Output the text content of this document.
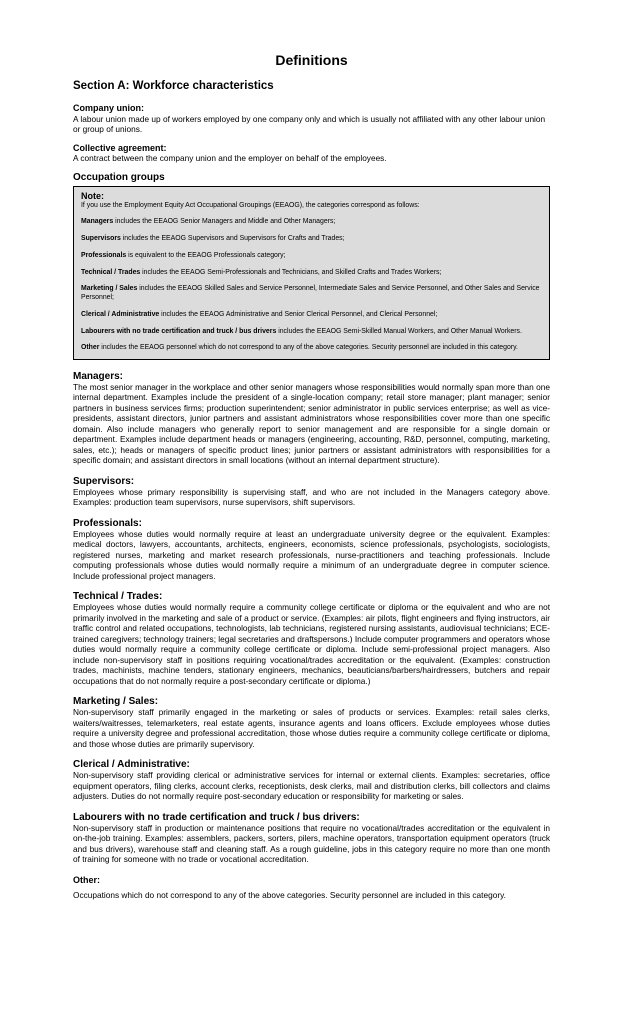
Definitions
Section A: Workforce characteristics
Company union:

A labour union made up of workers employed by one company only and which is usually not affiliated with any other labour union or group of unions.

Collective agreement:

A contract between the company union and the employer on behalf of the employees.

Occupation groups
Note:

If you use the Employment Equity Act Occupational Groupings (EEAOG), the categories correspond as follows:

Managers includes the EEAOG Senior Managers and Middle and Other Managers;

Supervisors includes the EEAOG Supervisors and Supervisors for Crafts and Trades;

Professionals is equivalent to the EEAOG Professionals category;

Technical / Trades includes the EEAOG Semi-Professionals and Technicians, and Skilled Crafts and Trades Workers;

Marketing / Sales includes the EEAOG Skilled Sales and Service Personnel, Intermediate Sales and Service Personnel, and Other Sales and Service Personnel;

Clerical / Administrative includes the EEAOG Administrative and Senior Clerical Personnel, and Clerical Personnel;

Labourers with no trade certification and truck / bus drivers includes the EEAOG Semi-Skilled Manual Workers, and Other Manual Workers.

Other includes the EEAOG personnel which do not correspond to any of the above categories. Security personnel are included in this category.

Managers:

The most senior manager in the workplace and other senior managers whose responsibilities would normally span more than one internal department. Examples include the president of a single-location company; retail store manager; plant manager; senior partners in business services firms; production superintendent; senior administrator in public services enterprise; as well as vice-presidents, assistant directors, junior partners and assistant administrators whose responsibilities cover more than one specific domain. Also include managers who generally report to senior management and are responsible for a single domain or department. Examples include department heads or managers (engineering, accounting, R&D, personnel, computing, marketing, sales, etc.); heads or managers of specific product lines; junior partners or assistant administrators with responsibilities for a specific domain; and assistant directors in small locations (without an internal department structure).

Supervisors:

Employees whose primary responsibility is supervising staff, and who are not included in the Managers category above. Examples: production team supervisors, nurse supervisors, shift supervisors.

Professionals:

Employees whose duties would normally require at least an undergraduate university degree or the equivalent. Examples: medical doctors, lawyers, accountants, architects, engineers, economists, science professionals, psychologists, sociologists, registered nurses, marketing and market research professionals, nurse-practitioners and teaching professionals. Include computing professionals whose duties would normally require a minimum of an undergraduate degree in computer science. Include professional project managers.

Technical / Trades:

Employees whose duties would normally require a community college certificate or diploma or the equivalent and who are not primarily involved in the marketing and sale of a product or service. (Examples: air pilots, flight engineers and flying instructors, air traffic control and related occupations, technologists, lab technicians, registered nursing assistants, audiovisual technicians; ECE-trained caregivers; technology trainers; legal secretaries and draftspersons.) Include computer programmers and operators whose duties would normally require a community college certificate or diploma. Include semi-professional project managers. Also include non-supervisory staff in positions requiring vocational/trades accreditation or the equivalent. (Examples: construction trades, machinists, machine tenders, stationary engineers, mechanics, beauticians/barbers/hairdressers, butchers and repair occupations that do not normally require a post-secondary certificate or diploma.)

Marketing / Sales:

Non-supervisory staff primarily engaged in the marketing or sales of products or services. Examples: retail sales clerks, waiters/waitresses, telemarketers, real estate agents, insurance agents and loans officers. Exclude employees whose duties require a university degree and professional accreditation, those whose duties require a community college certificate or diploma, and those whose duties are primarily supervisory.

Clerical / Administrative:

Non-supervisory staff providing clerical or administrative services for internal or external clients. Examples: secretaries, office equipment operators, filing clerks, account clerks, receptionists, desk clerks, mail and distribution clerks, bill collectors and claims adjusters. Duties do not normally require post-secondary education or responsibility for marketing or sales.

Labourers with no trade certification and truck / bus drivers:

Non-supervisory staff in production or maintenance positions that require no vocational/trades accreditation or the equivalent in on-the-job training. Examples: assemblers, packers, sorters, pilers, machine operators, transportation equipment operators (truck and bus drivers), warehouse staff and cleaning staff. As a rough guideline, jobs in this category require no more than one month of training for someone with no trade or vocational accreditation.

Other:

Occupations which do not correspond to any of the above categories. Security personnel are included in this category.
